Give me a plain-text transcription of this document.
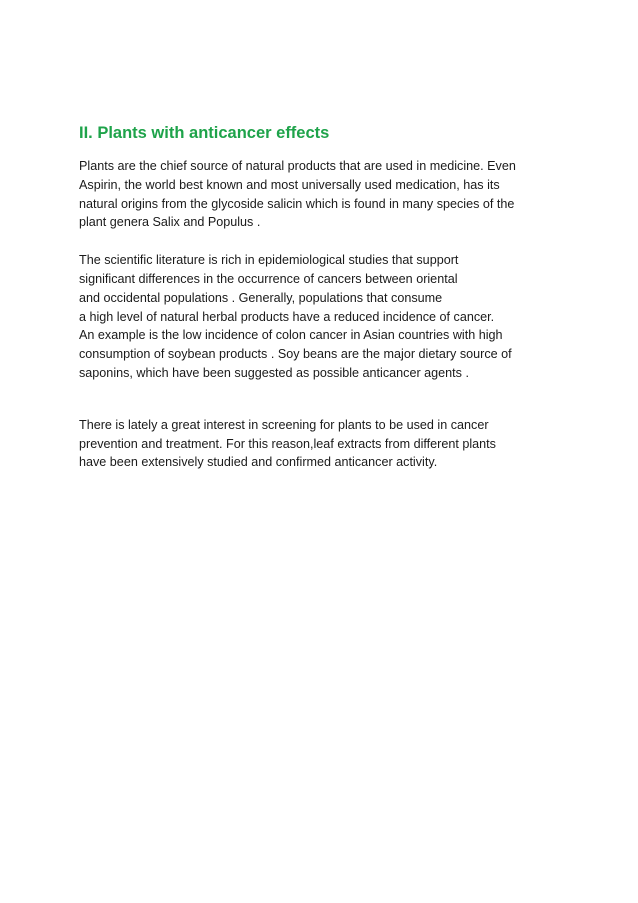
II. Plants with anticancer effects

Plants are the chief source of natural products that are used in medicine. Even
Aspirin, the world best known and most universally used medication, has its
natural origins from the glycoside salicin which is found in many species of the
plant genera Salix and Populus .

The scientific literature is rich in epidemiological studies that support
significant differences in the occurrence of cancers between oriental
and occidental populations . Generally, populations that consume
a high level of natural herbal products have a reduced incidence of cancer.
An example is the low incidence of colon cancer in Asian countries with high
consumption of soybean products . Soy beans are the major dietary source of
saponins, which have been suggested as possible anticancer agents .

There is lately a great interest in screening for plants to be used in cancer
prevention and treatment. For this reason,leaf extracts from different plants
have been extensively studied and confirmed anticancer activity.
